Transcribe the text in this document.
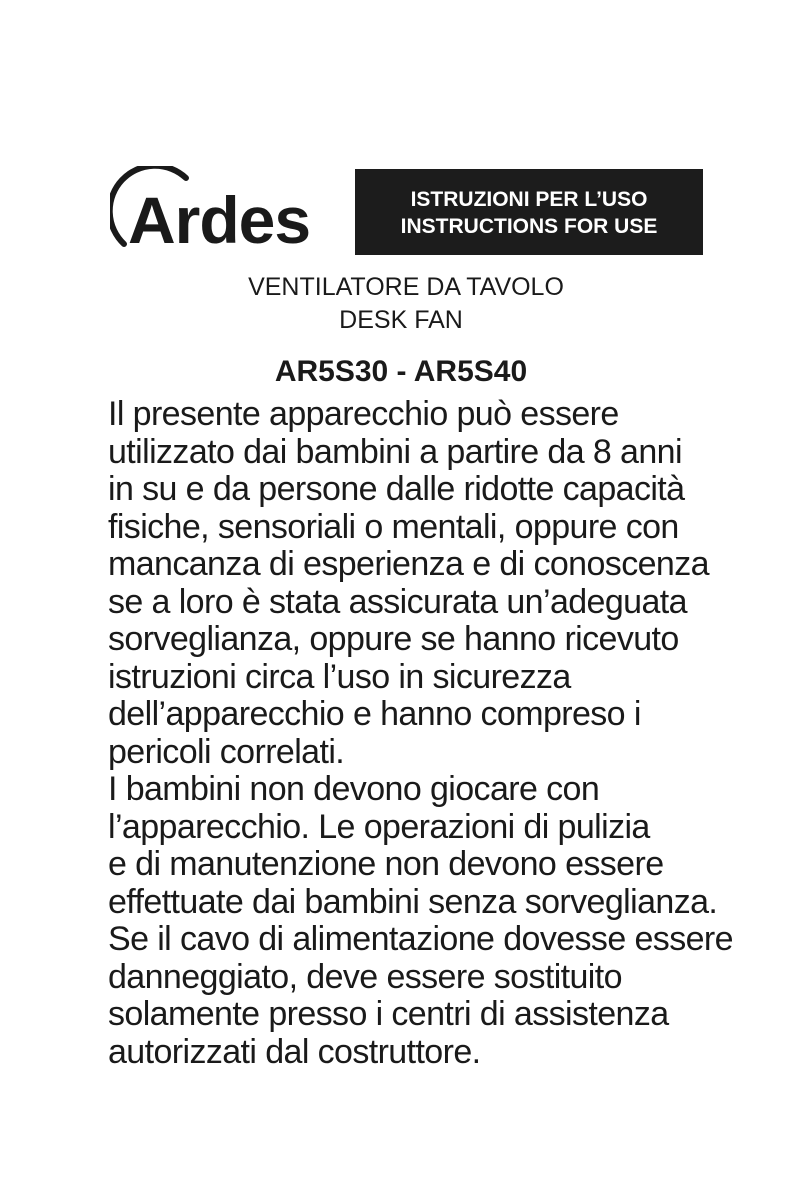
Ardes	ISTRUZIONI PER L’USO
INSTRUCTIONS FOR USE

VENTILATORE DA TAVOLO

DESK FAN

AR5S30 - AR5S40

Il presente apparecchio può essere
utilizzato dai bambini a partire da 8 anni
in su e da persone dalle ridotte capacità
fisiche, sensoriali o mentali, oppure con
mancanza di esperienza e di conoscenza
se a loro è stata assicurata un’adeguata
sorveglianza, oppure se hanno ricevuto
istruzioni circa l’uso in sicurezza
dell’apparecchio e hanno compreso i
pericoli correlati.
I bambini non devono giocare con
l’apparecchio. Le operazioni di pulizia
e di manutenzione non devono essere
effettuate dai bambini senza sorveglianza.
Se il cavo di alimentazione dovesse essere
danneggiato, deve essere sostituito
solamente presso i centri di assistenza
autorizzati dal costruttore.
